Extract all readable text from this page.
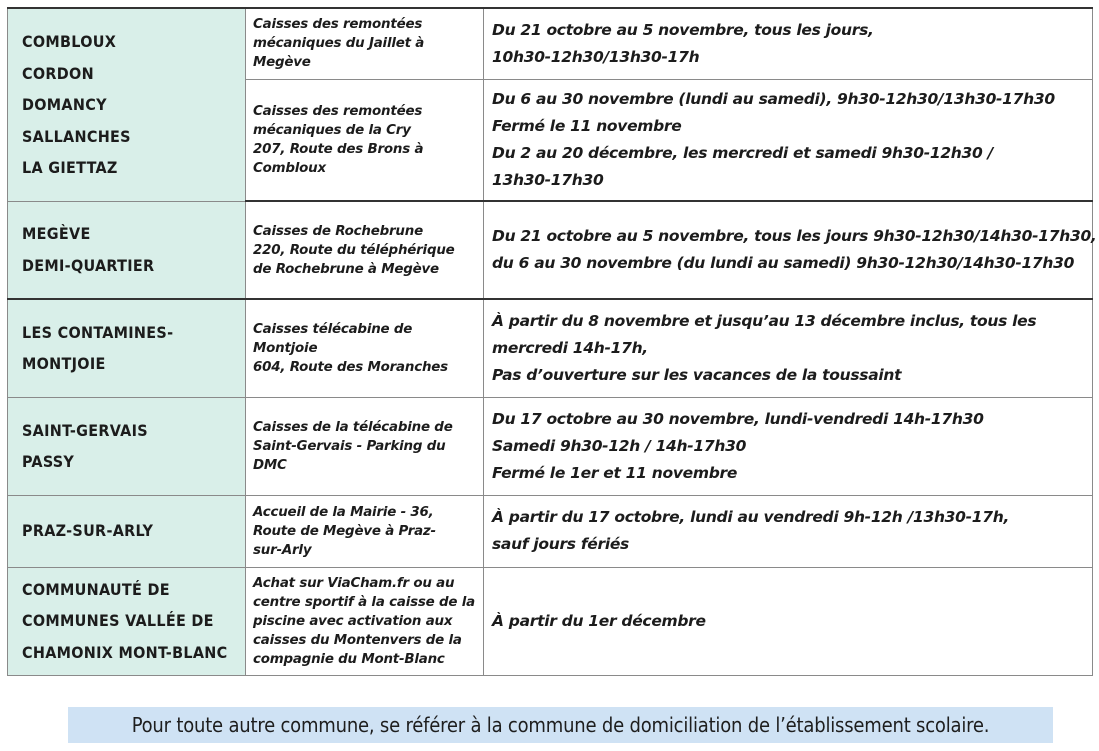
COMBLOUX
CORDON
DOMANCY
SALLANCHES
LA GIETTAZ	Caisses des remontées
mécaniques du Jaillet à
Megève	Du 21 octobre au 5 novembre, tous les jours,
10h30-12h30/13h30-17h

	Caisses des remontées
mécaniques de la Cry
207, Route des Brons à
Combloux	Du 6 au 30 novembre (lundi au samedi), 9h30-12h30/13h30-17h30
Fermé le 11 novembre
Du 2 au 20 décembre, les mercredi et samedi 9h30-12h30 /
13h30-17h30

MEGÈVE
DEMI-QUARTIER	Caisses de Rochebrune
220, Route du téléphérique
de Rochebrune à Megève	Du 21 octobre au 5 novembre, tous les jours 9h30-12h30/14h30-17h30,
du 6 au 30 novembre (du lundi au samedi) 9h30-12h30/14h30-17h30

LES CONTAMINES-
MONTJOIE	Caisses télécabine de
Montjoie
604, Route des Moranches	À partir du 8 novembre et jusqu’au 13 décembre inclus, tous les
mercredi 14h-17h,
Pas d’ouverture sur les vacances de la toussaint

SAINT-GERVAIS
PASSY	Caisses de la télécabine de
Saint-Gervais - Parking du
DMC	Du 17 octobre au 30 novembre, lundi-vendredi 14h-17h30
Samedi 9h30-12h / 14h-17h30
Fermé le 1er et 11 novembre

PRAZ-SUR-ARLY	Accueil de la Mairie - 36,
Route de Megève à Praz-
sur-Arly	À partir du 17 octobre, lundi au vendredi 9h-12h /13h30-17h,
sauf jours fériés

COMMUNAUTÉ DE
COMMUNES VALLÉE DE
CHAMONIX MONT-BLANC	Achat sur ViaCham.fr ou au
centre sportif à la caisse de la
piscine avec activation aux
caisses du Montenvers de la
compagnie du Mont-Blanc	À partir du 1er décembre
Pour toute autre commune, se référer à la commune de domiciliation de l’établissement scolaire.
